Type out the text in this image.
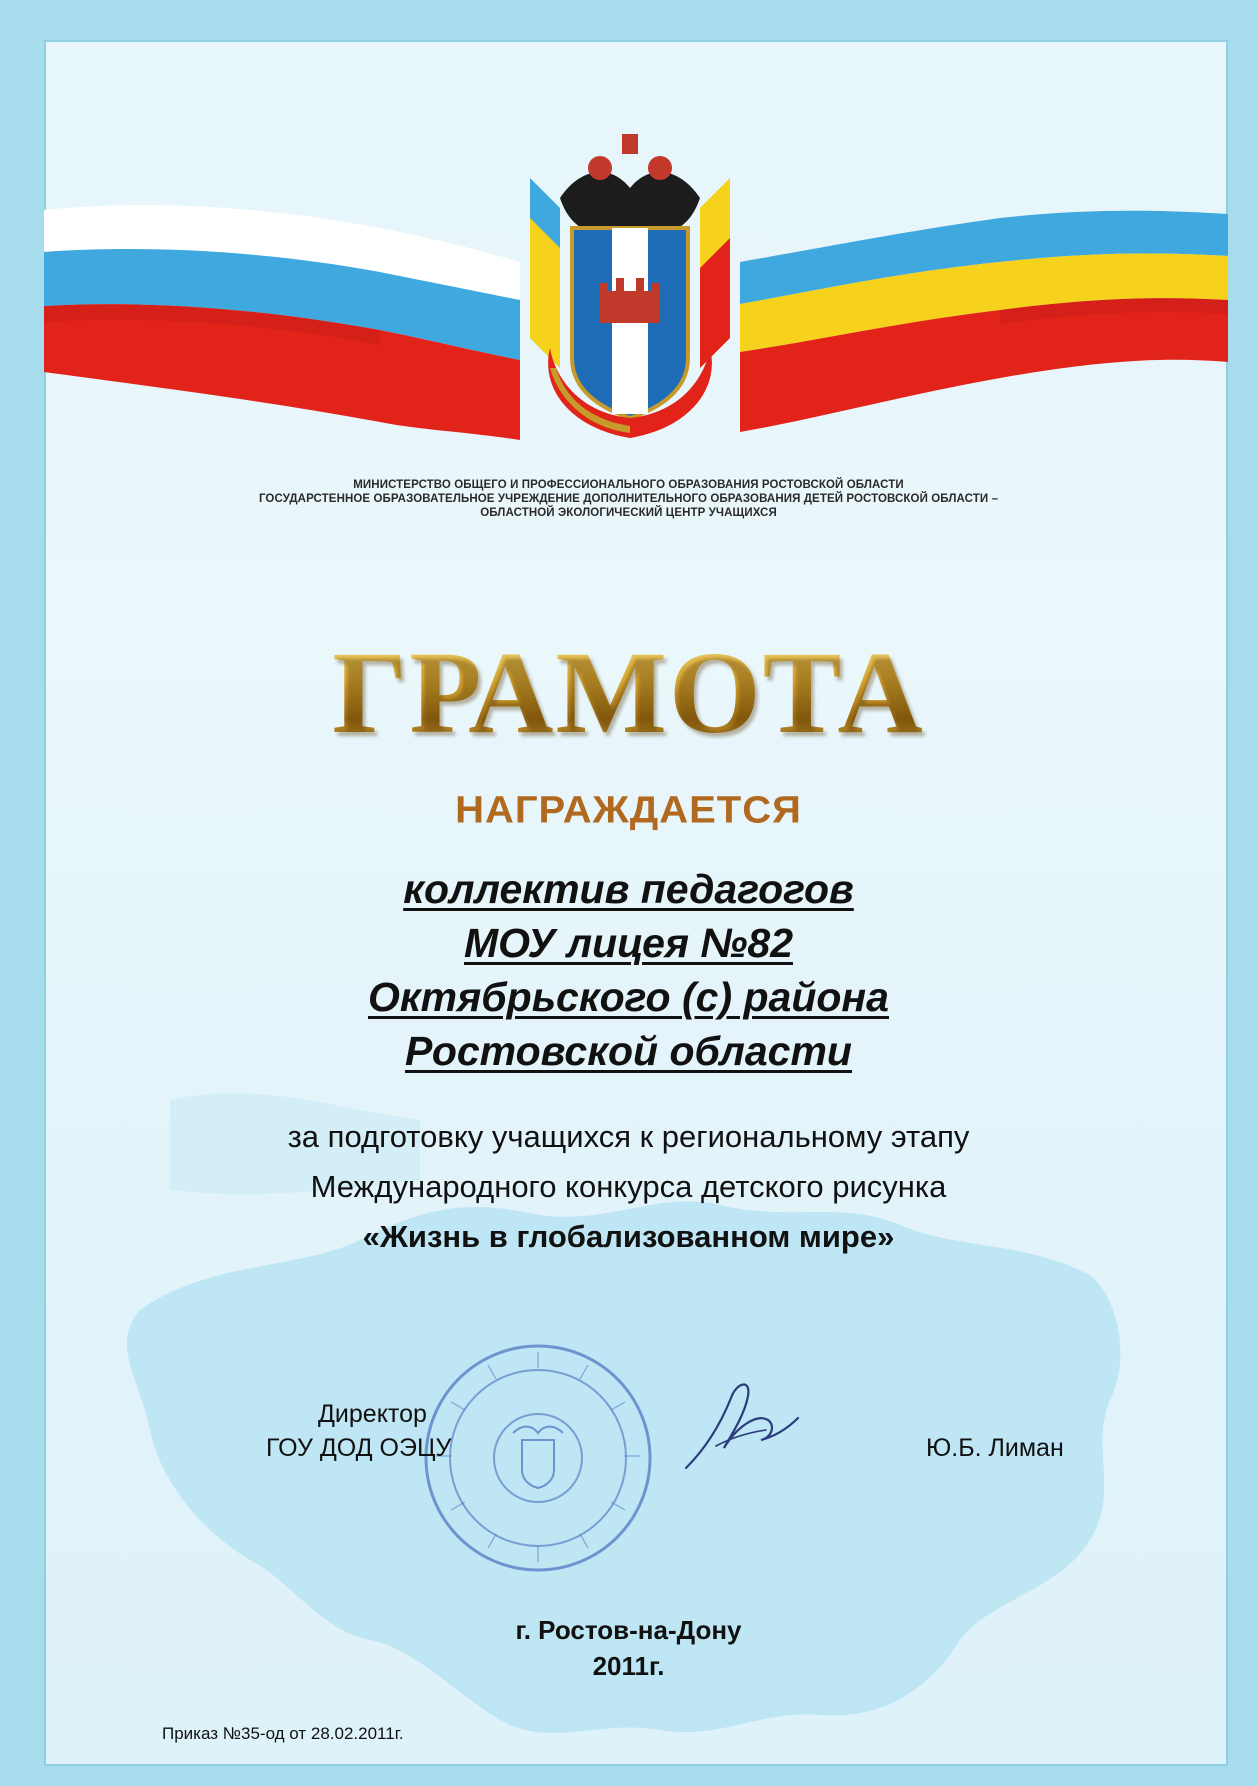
МИНИСТЕРСТВО ОБЩЕГО И ПРОФЕССИОНАЛЬНОГО ОБРАЗОВАНИЯ РОСТОВСКОЙ ОБЛАСТИ
ГОСУДАРСТЕННОЕ ОБРАЗОВАТЕЛЬНОЕ УЧРЕЖДЕНИЕ ДОПОЛНИТЕЛЬНОГО ОБРАЗОВАНИЯ ДЕТЕЙ РОСТОВСКОЙ ОБЛАСТИ –
ОБЛАСТНОЙ ЭКОЛОГИЧЕСКИЙ ЦЕНТР УЧАЩИХСЯ
ГРАМОТА
НАГРАЖДАЕТСЯ
коллектив педагогов
МОУ лицея №82
Октябрьского (с) района
Ростовской области
за подготовку учащихся к региональному этапу
Международного конкурса детского рисунка
«Жизнь в глобализованном мире»
Директор
ГОУ ДОД ОЭЦУ	Ю.Б. Лиман
г. Ростов-на-Дону
2011г.
Приказ №35-од от 28.02.2011г.
